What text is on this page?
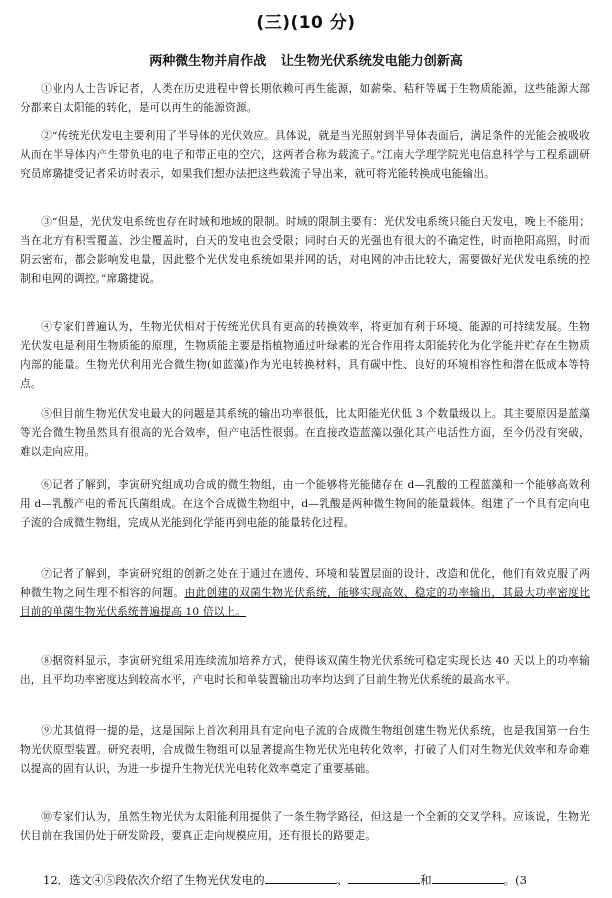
(三)(10 分)
两种微生物并肩作战 让生物光伏系统发电能力创新高

①业内人士告诉记者，人类在历史进程中曾长期依赖可再生能源，如薪柴、秸秆等属于生物质能源，这些能源大部分都来自太阳能的转化，是可以再生的能源资源。

②“传统光伏发电主要利用了半导体的光伏效应。具体说，就是当光照射到半导体表面后，满足条件的光能会被吸收从而在半导体内产生带负电的电子和带正电的空穴，这两者合称为载流子。”江南大学理学院光电信息科学与工程系副研究员席璐捷受记者采访时表示，如果我们想办法把这些载流子导出来，就可将光能转换成电能输出。

③“但是，光伏发电系统也存在时域和地域的限制。时域的限制主要有：光伏发电系统只能白天发电，晚上不能用；当在北方有积雪覆盖、沙尘覆盖时，白天的发电也会受限；同时白天的光强也有很大的不确定性，时而艳阳高照，时而阴云密布，都会影响发电量，因此整个光伏发电系统如果并网的话，对电网的冲击比较大，需要做好光伏发电系统的控制和电网的调控。”席璐捷说。

④专家们普遍认为，生物光伏相对于传统光伏具有更高的转换效率，将更加有利于环境、能源的可持续发展。生物光伏发电是利用生物质能的原理，生物质能主要是指植物通过叶绿素的光合作用将太阳能转化为化学能并贮存在生物质内部的能量。生物光伏利用光合微生物(如蓝藻)作为光电转换材料，具有碳中性、良好的环境相容性和潜在低成本等特点。

⑤但目前生物光伏发电最大的问题是其系统的输出功率很低，比太阳能光伏低 3 个数量级以上。其主要原因是蓝藻等光合微生物虽然具有很高的光合效率，但产电活性很弱。在直接改造蓝藻以强化其产电活性方面，至今仍没有突破，难以走向应用。

⑥记者了解到，李寅研究组成功合成的微生物组，由一个能够将光能储存在 d—乳酸的工程蓝藻和一个能够高效利用 d—乳酸产电的希瓦氏菌组成。在这个合成微生物组中，d—乳酸是两种微生物间的能量载体。组建了一个具有定向电子流的合成微生物组，完成从光能到化学能再到电能的能量转化过程。

⑦记者了解到，李寅研究组的创新之处在于通过在遗传、环境和装置层面的设计、改造和优化，他们有效克服了两种微生物之间生理不相容的问题。由此创建的双菌生物光伏系统，能够实现高效、稳定的功率输出，其最大功率密度比目前的单菌生物光伏系统普遍提高 10 倍以上。

⑧据资料显示，李寅研究组采用连续流加培养方式，使得该双菌生物光伏系统可稳定实现长达 40 天以上的功率输出，且平均功率密度达到较高水平，产电时长和单装置输出功率均达到了目前生物光伏系统的最高水平。

⑨尤其值得一提的是，这是国际上首次利用具有定向电子流的合成微生物组创建生物光伏系统，也是我国第一台生物光伏原型装置。研究表明，合成微生物组可以显著提高生物光伏光电转化效率，打破了人们对生物光伏效率和寿命难以提高的固有认识，为进一步提升生物光伏光电转化效率奠定了重要基础。

⑩专家们认为，虽然生物光伏为太阳能利用提供了一条生物学路径，但这是一个全新的交叉学科。应该说，生物光伏目前在我国仍处于研发阶段，要真正走向规模应用，还有很长的路要走。

12．选文④⑤段依次介绍了生物光伏发电的	、	和	。(3
